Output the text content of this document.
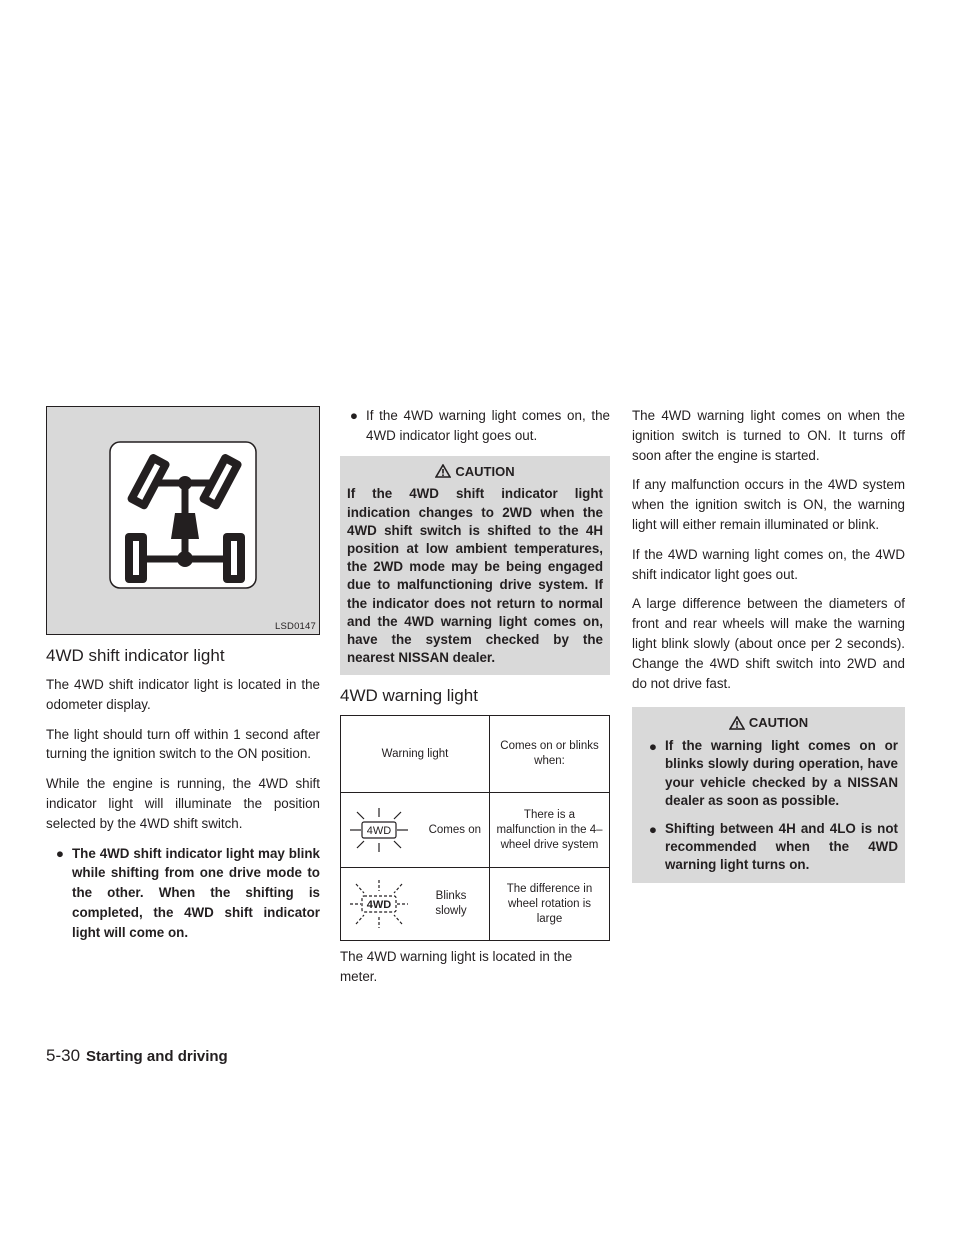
LSD0147
4WD shift indicator light

The 4WD shift indicator light is located in the odometer display.

The light should turn off within 1 second after turning the ignition switch to the ON position.

While the engine is running, the 4WD shift indicator light will illuminate the position selected by the 4WD shift switch.

● The 4WD shift indicator light may blink while shifting from one drive mode to the other. When the shifting is completed, the 4WD shift indicator light will come on.
● If the 4WD warning light comes on, the 4WD indicator light goes out.
CAUTION
If the 4WD shift indicator light indication changes to 2WD when the 4WD shift switch is shifted to the 4H position at low ambient temperatures, the 2WD mode may be being engaged due to malfunctioning drive system. If the indicator does not return to normal and the 4WD warning light comes on, have the system checked by the nearest NISSAN dealer.
4WD warning light
Warning light	Comes on or blinks when:

4WD Comes on	There is a malfunction in the 4–wheel drive system

4WD
Blinks slowly	The difference in wheel rotation is large

The 4WD warning light is located in the meter.

The 4WD warning light comes on when the ignition switch is turned to ON. It turns off soon after the engine is started.

If any malfunction occurs in the 4WD system when the ignition switch is ON, the warning light will either remain illuminated or blink.

If the 4WD warning light comes on, the 4WD shift indicator light goes out.

A large difference between the diameters of front and rear wheels will make the warning light blink slowly (about once per 2 seconds). Change the 4WD shift switch into 2WD and do not drive fast.

CAUTION
● If the warning light comes on or blinks slowly during operation, have your vehicle checked by a NISSAN dealer as soon as possible.
● Shifting between 4H and 4LO is not recommended when the 4WD warning light turns on.
5-30 Starting and driving
